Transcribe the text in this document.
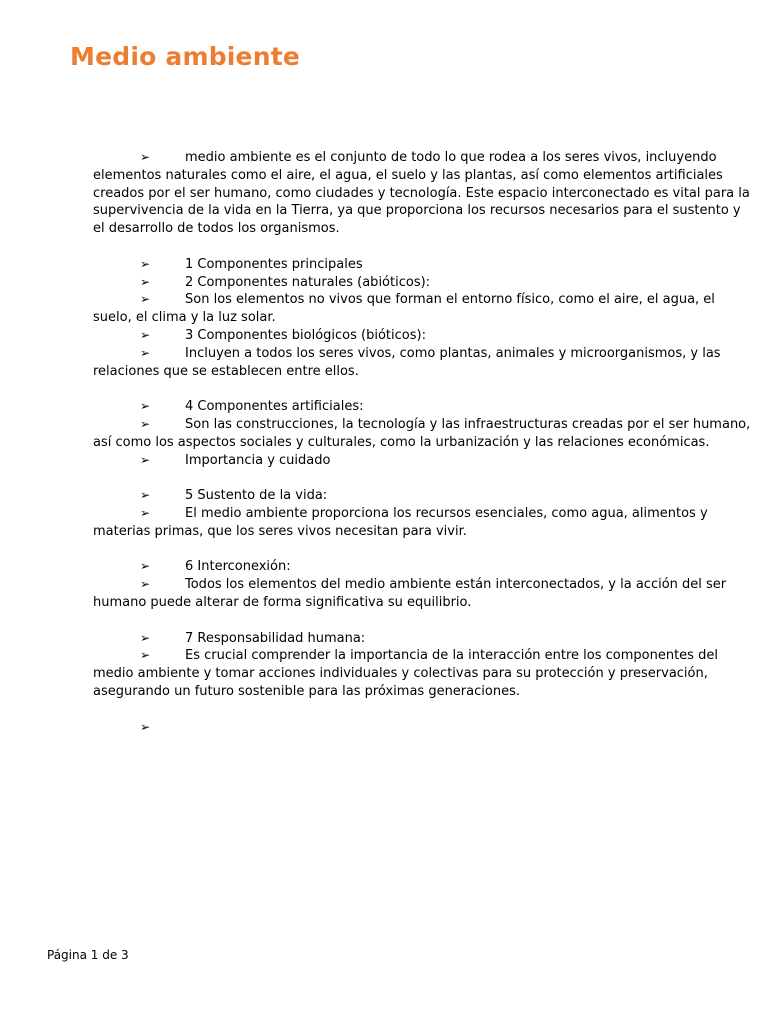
Medio ambiente
➢	medio ambiente es el conjunto de todo lo que rodea a los seres vivos, incluyendo
elementos naturales como el aire, el agua, el suelo y las plantas, así como elementos artificiales
creados por el ser humano, como ciudades y tecnología. Este espacio interconectado es vital para la
supervivencia de la vida en la Tierra, ya que proporciona los recursos necesarios para el sustento y
el desarrollo de todos los organismos.
➢	1 Componentes principales
➢	2 Componentes naturales (abióticos):
➢	Son los elementos no vivos que forman el entorno físico, como el aire, el agua, el
suelo, el clima y la luz solar.
➢	3 Componentes biológicos (bióticos):
➢	Incluyen a todos los seres vivos, como plantas, animales y microorganismos, y las
relaciones que se establecen entre ellos.
➢	4 Componentes artificiales:
➢	Son las construcciones, la tecnología y las infraestructuras creadas por el ser humano,
así como los aspectos sociales y culturales, como la urbanización y las relaciones económicas.
➢	Importancia y cuidado
➢	5 Sustento de la vida:
➢	El medio ambiente proporciona los recursos esenciales, como agua, alimentos y
materias primas, que los seres vivos necesitan para vivir.
➢	6 Interconexión:
➢	Todos los elementos del medio ambiente están interconectados, y la acción del ser
humano puede alterar de forma significativa su equilibrio.
➢	7 Responsabilidad humana:
➢	Es crucial comprender la importancia de la interacción entre los componentes del
medio ambiente y tomar acciones individuales y colectivas para su protección y preservación,
asegurando un futuro sostenible para las próximas generaciones.
➢
Página 1 de 3
